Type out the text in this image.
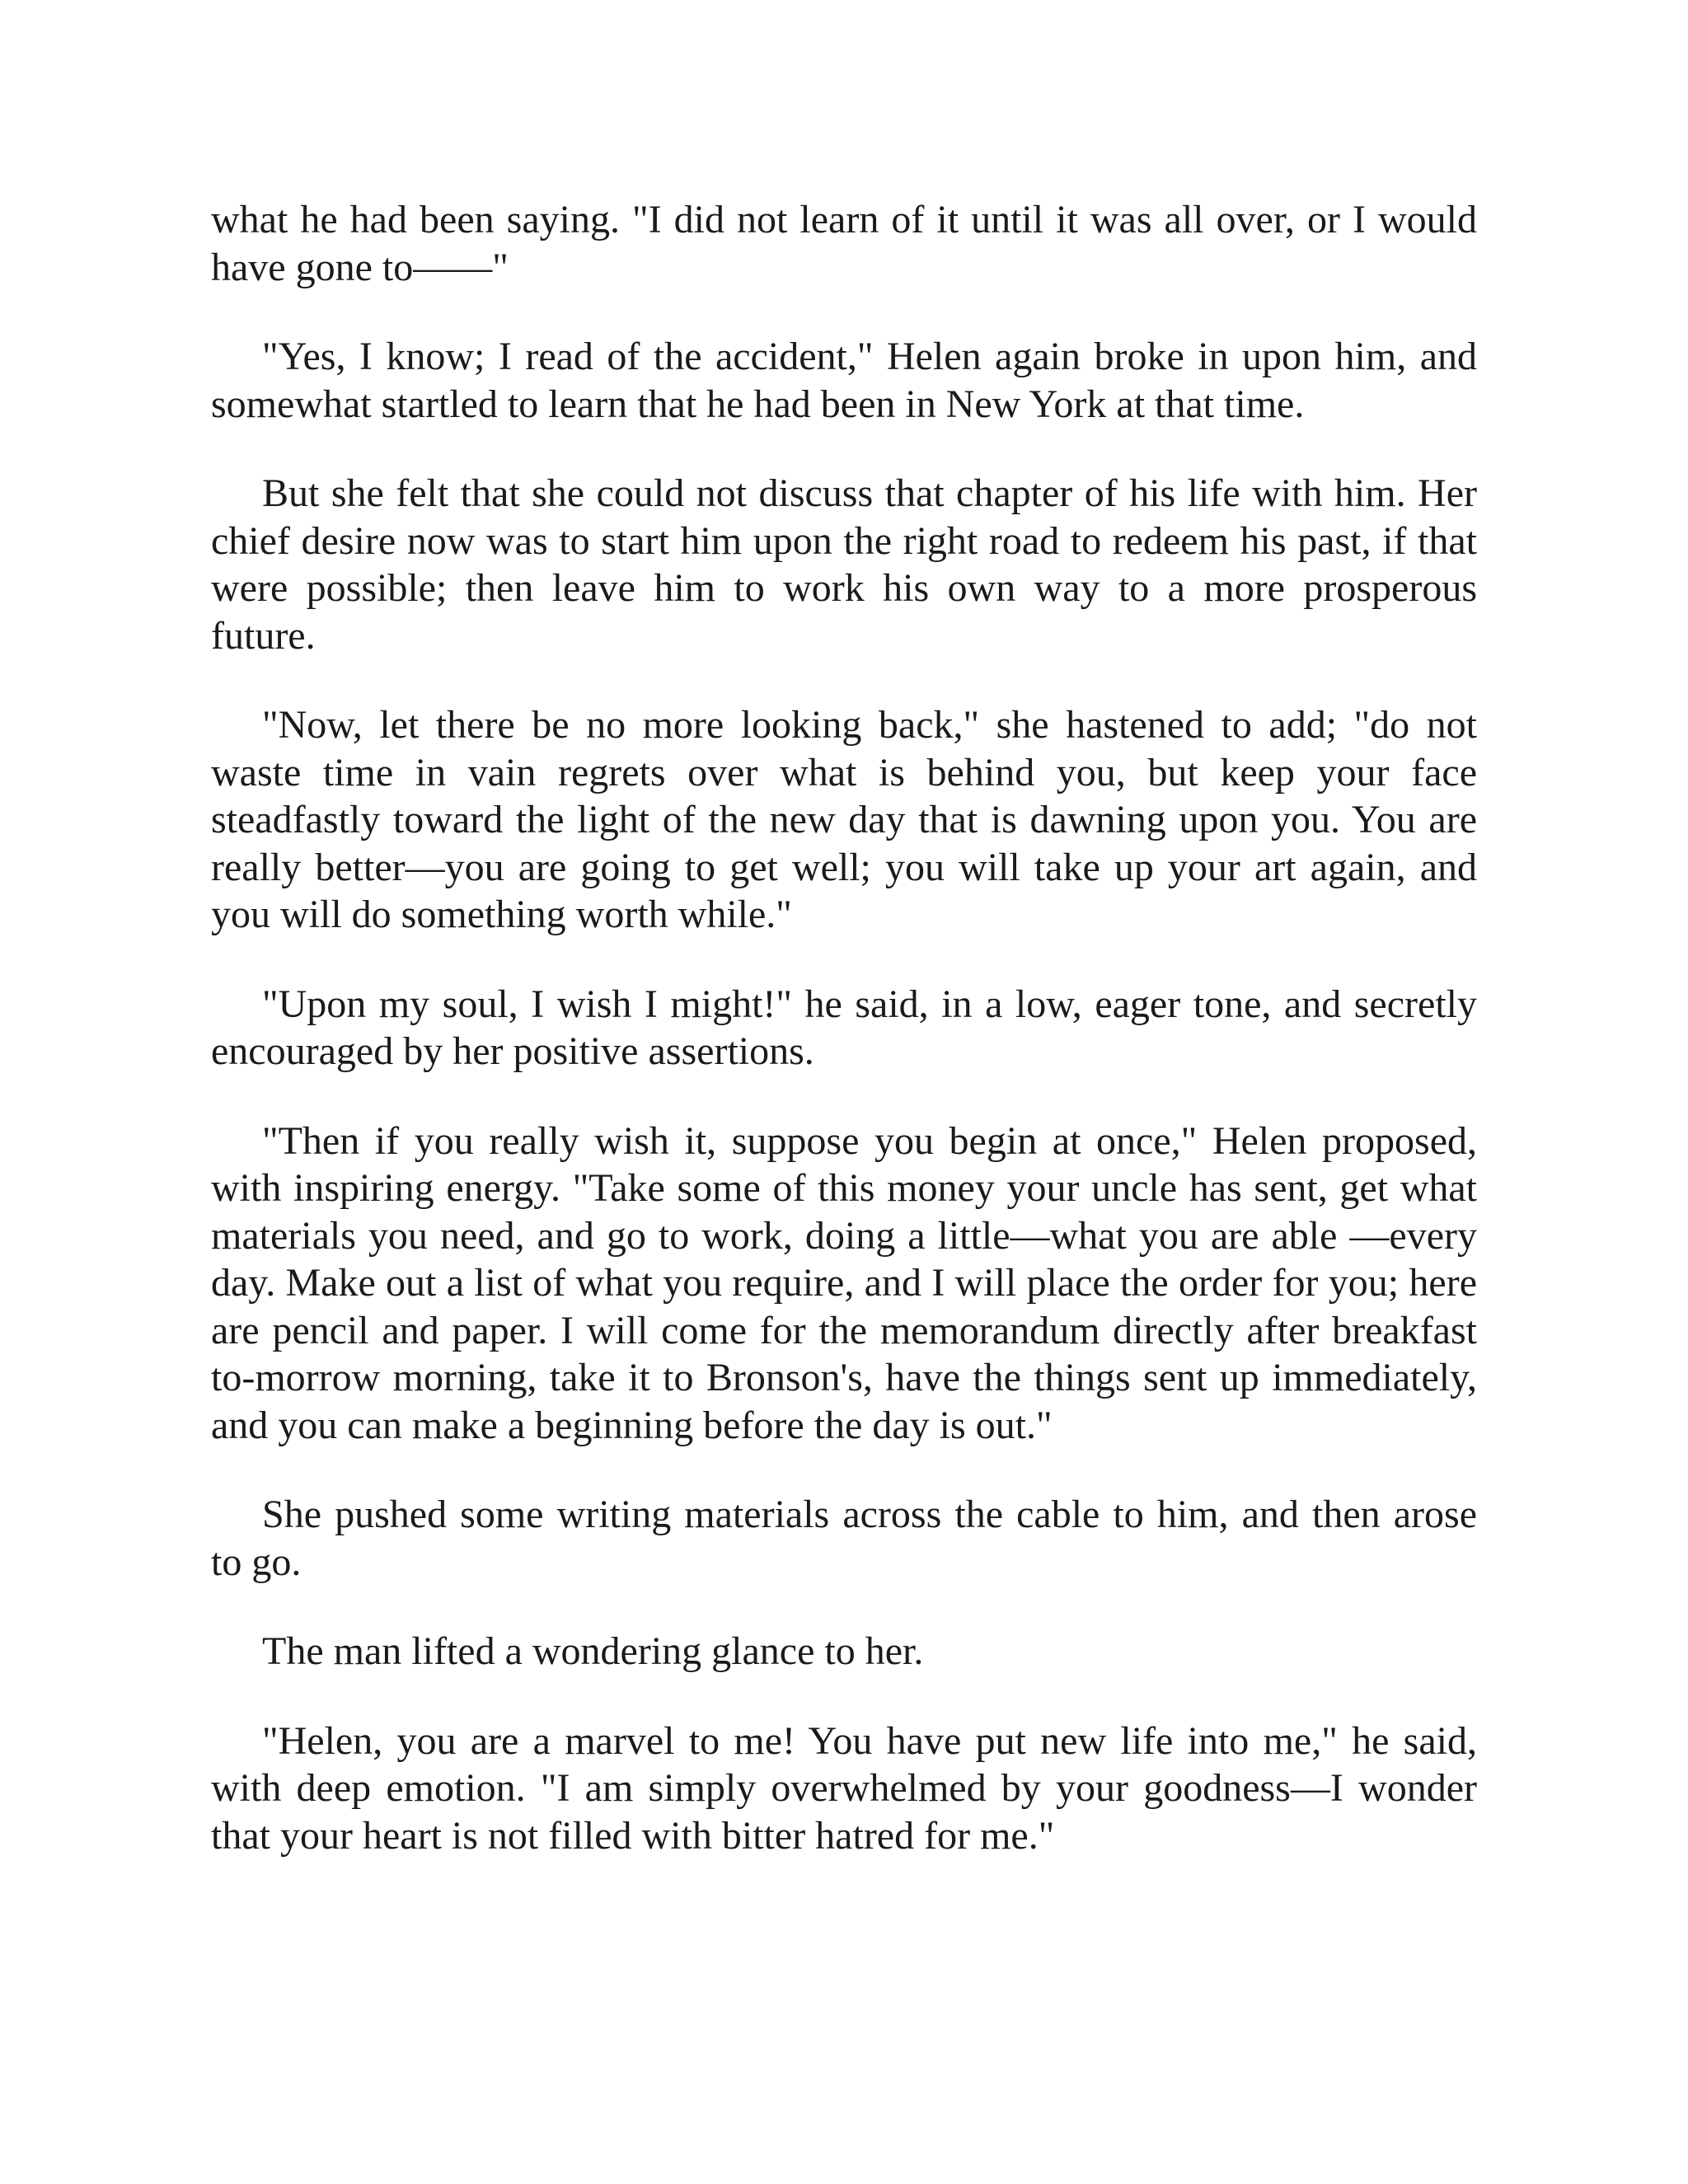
what he had been saying. "I did not learn of it until it was all over, or I would have gone to——"

"Yes, I know; I read of the accident," Helen again broke in upon him, and somewhat startled to learn that he had been in New York at that time.

But she felt that she could not discuss that chapter of his life with him. Her chief desire now was to start him upon the right road to redeem his past, if that were possible; then leave him to work his own way to a more prosperous future.

"Now, let there be no more looking back," she hastened to add; "do not waste time in vain regrets over what is behind you, but keep your face steadfastly toward the light of the new day that is dawning upon you. You are really better—you are going to get well; you will take up your art again, and you will do something worth while."

"Upon my soul, I wish I might!" he said, in a low, eager tone, and secretly encouraged by her positive assertions.

"Then if you really wish it, suppose you begin at once," Helen proposed, with inspiring energy. "Take some of this money your uncle has sent, get what materials you need, and go to work, doing a little—what you are able —every day. Make out a list of what you require, and I will place the order for you; here are pencil and paper. I will come for the memorandum directly after breakfast to-morrow morning, take it to Bronson's, have the things sent up immediately, and you can make a beginning before the day is out."

She pushed some writing materials across the cable to him, and then arose to go.

The man lifted a wondering glance to her.

"Helen, you are a marvel to me! You have put new life into me," he said, with deep emotion. "I am simply overwhelmed by your goodness—I wonder that your heart is not filled with bitter hatred for me."
